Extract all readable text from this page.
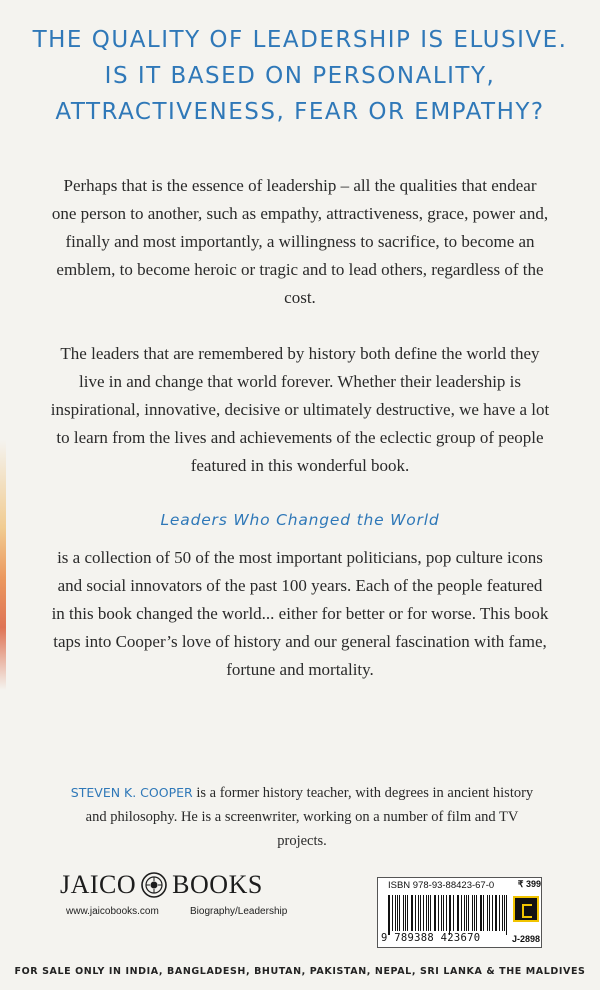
THE QUALITY OF LEADERSHIP IS ELUSIVE.
IS IT BASED ON PERSONALITY,
ATTRACTIVENESS, FEAR OR EMPATHY?

Perhaps that is the essence of leadership – all the qualities that endear one person to another, such as empathy, attractiveness, grace, power and, finally and most importantly, a willingness to sacrifice, to become an emblem, to become heroic or tragic and to lead others, regardless of the cost.

The leaders that are remembered by history both define the world they live in and change that world forever. Whether their leadership is inspirational, innovative, decisive or ultimately destructive, we have a lot to learn from the lives and achievements of the eclectic group of people featured in this wonderful book.

Leaders Who Changed the World

is a collection of 50 of the most important politicians, pop culture icons and social innovators of the past 100 years. Each of the people featured in this book changed the world... either for better or for worse. This book taps into Cooper’s love of history and our general fascination with fame, fortune and mortality.

STEVEN K. COOPER is a former history teacher, with degrees in ancient history and philosophy. He is a screenwriter, working on a number of film and TV projects.

JAICO BOOKS
www.jaicobooks.com	Biography/Leadership
ISBN 978-93-88423-67-0
9 789388 423670
₹ 399
J-2898
FOR SALE ONLY IN INDIA, BANGLADESH, BHUTAN, PAKISTAN, NEPAL, SRI LANKA & THE MALDIVES
